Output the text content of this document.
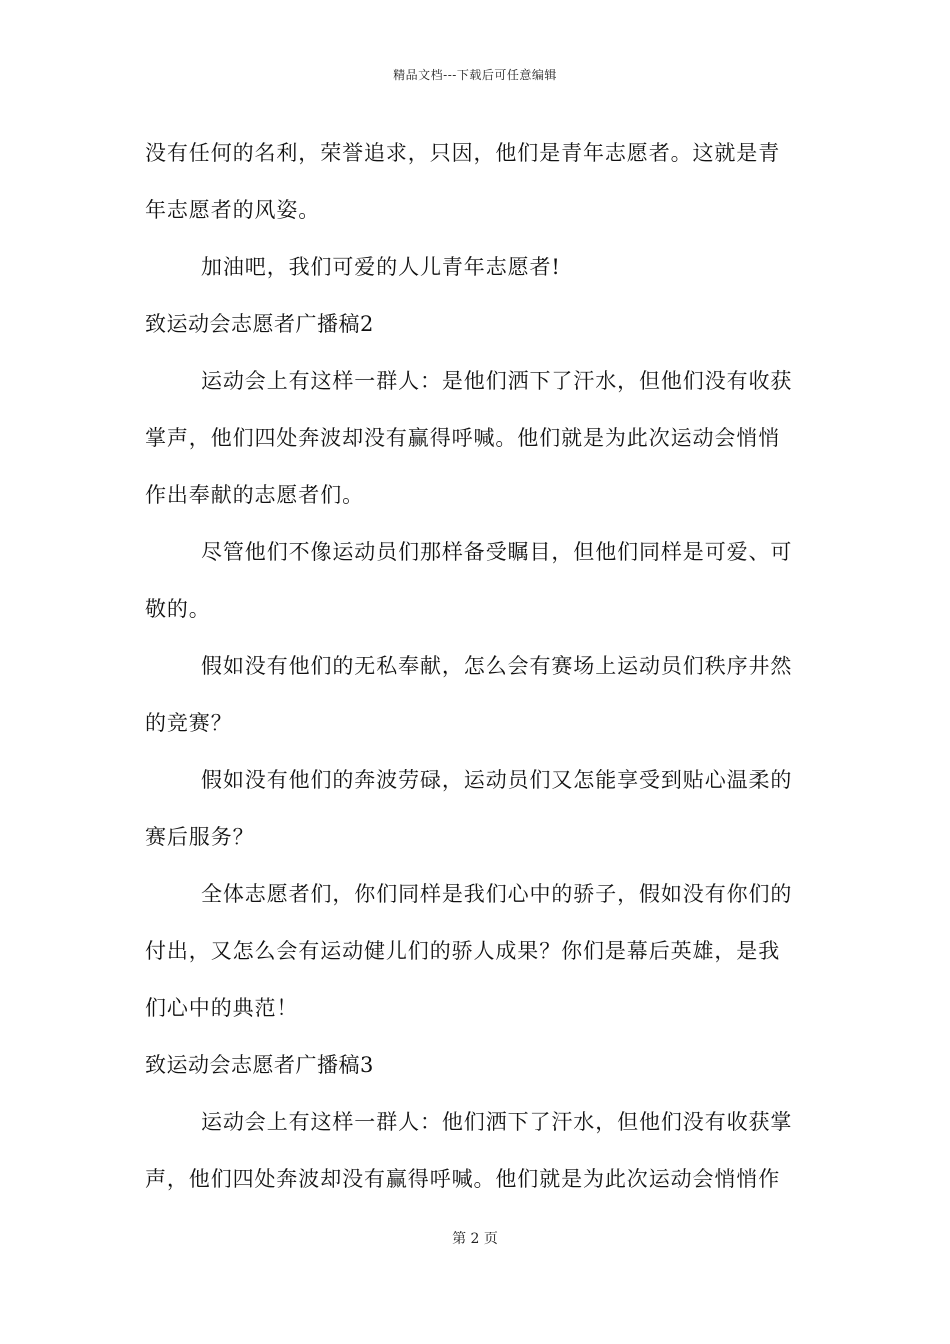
精品文档---下载后可任意编辑
没有任何的名利，荣誉追求，只因，他们是青年志愿者。这就是青
年志愿者的风姿。
加油吧，我们可爱的人儿青年志愿者!
致运动会志愿者广播稿2
运动会上有这样一群人：是他们洒下了汗水，但他们没有收获
掌声，他们四处奔波却没有赢得呼喊。他们就是为此次运动会悄悄
作出奉献的志愿者们。
尽管他们不像运动员们那样备受瞩目，但他们同样是可爱、可
敬的。
假如没有他们的无私奉献，怎么会有赛场上运动员们秩序井然
的竞赛？
假如没有他们的奔波劳碌，运动员们又怎能享受到贴心温柔的
赛后服务？
全体志愿者们，你们同样是我们心中的骄子，假如没有你们的
付出，又怎么会有运动健儿们的骄人成果？你们是幕后英雄，是我
们心中的典范！
致运动会志愿者广播稿3
运动会上有这样一群人：他们洒下了汗水，但他们没有收获掌
声，他们四处奔波却没有赢得呼喊。他们就是为此次运动会悄悄作
第 2 页
